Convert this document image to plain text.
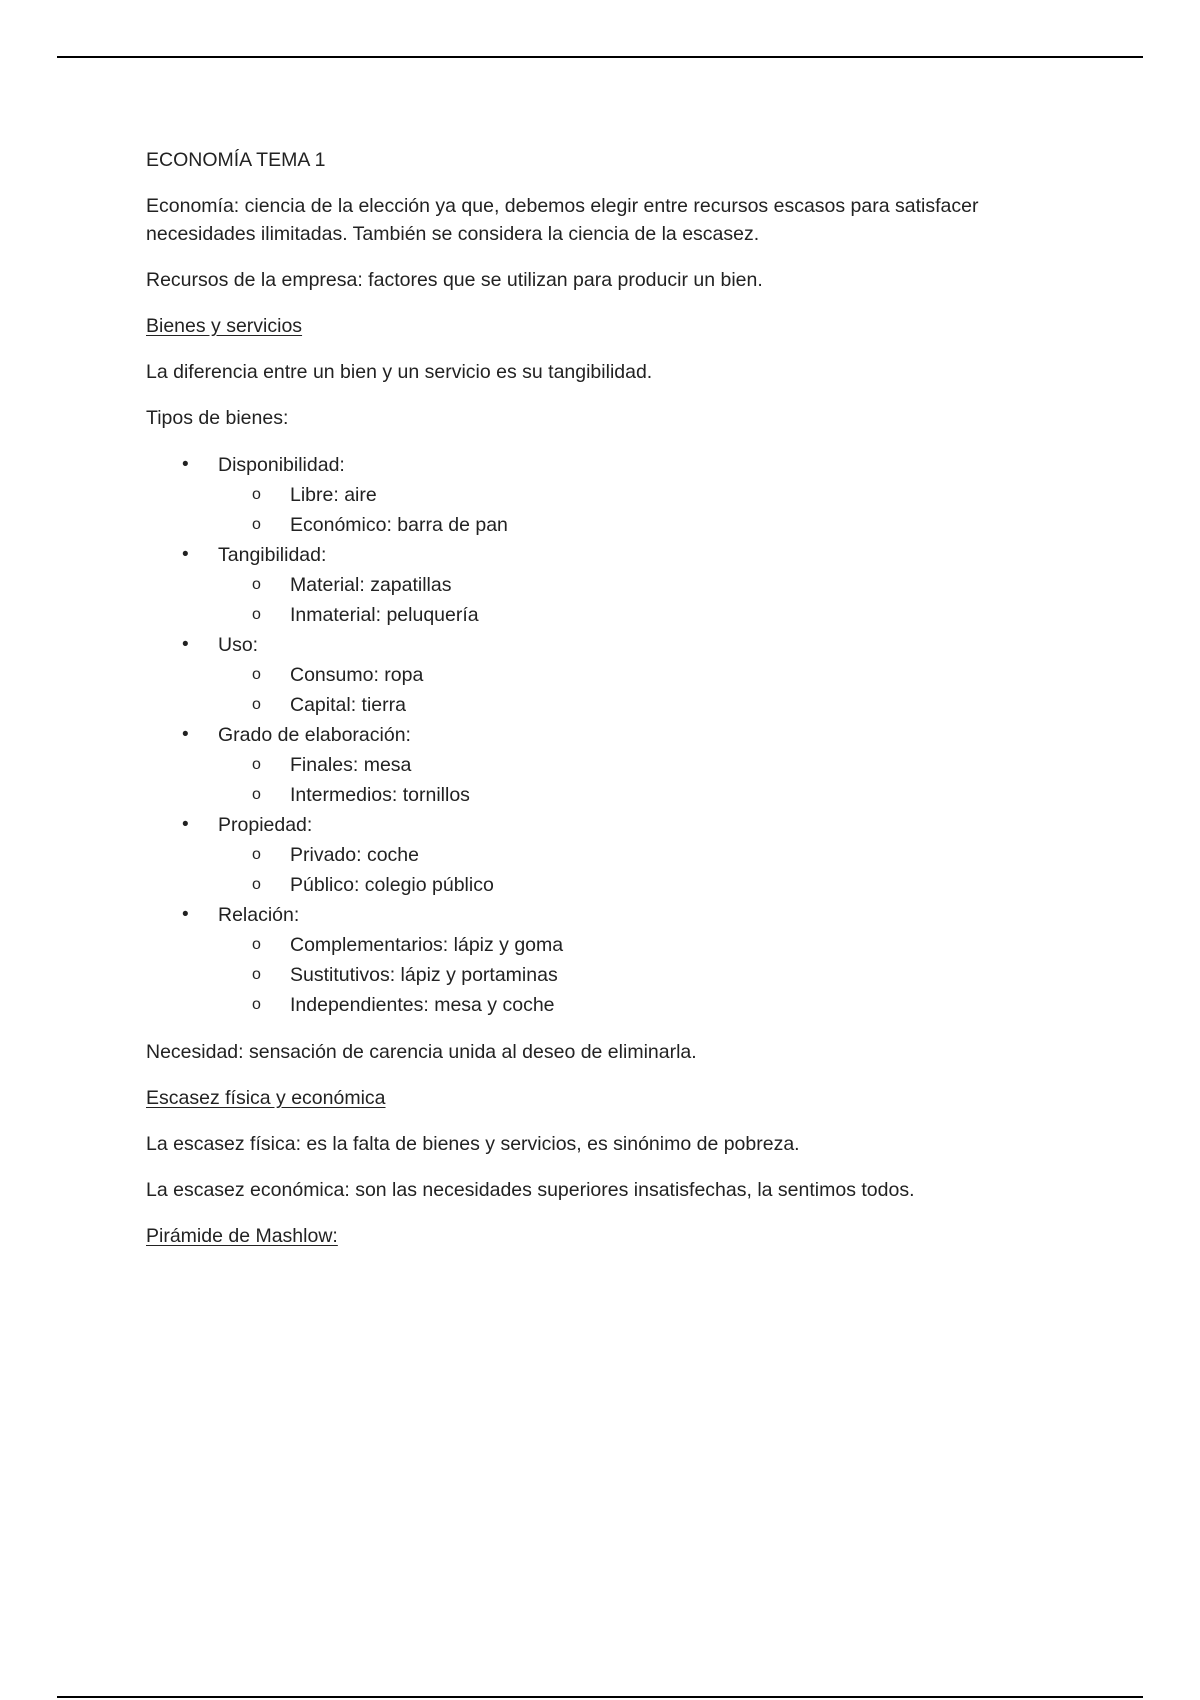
ECONOMÍA TEMA 1

Economía: ciencia de la elección ya que, debemos elegir entre recursos escasos para satisfacer
necesidades ilimitadas. También se considera la ciencia de la escasez.

Recursos de la empresa: factores que se utilizan para producir un bien.

Bienes y servicios

La diferencia entre un bien y un servicio es su tangibilidad.

Tipos de bienes:

• Disponibilidad:
o Libre: aire
o Económico: barra de pan
• Tangibilidad:
o Material: zapatillas
o Inmaterial: peluquería
• Uso:
o Consumo: ropa
o Capital: tierra
• Grado de elaboración:
o Finales: mesa
o Intermedios: tornillos
• Propiedad:
o Privado: coche
o Público: colegio público
• Relación:
o Complementarios: lápiz y goma
o Sustitutivos: lápiz y portaminas
o Independientes: mesa y coche

Necesidad: sensación de carencia unida al deseo de eliminarla.

Escasez física y económica

La escasez física: es la falta de bienes y servicios, es sinónimo de pobreza.

La escasez económica: son las necesidades superiores insatisfechas, la sentimos todos.

Pirámide de Mashlow:
